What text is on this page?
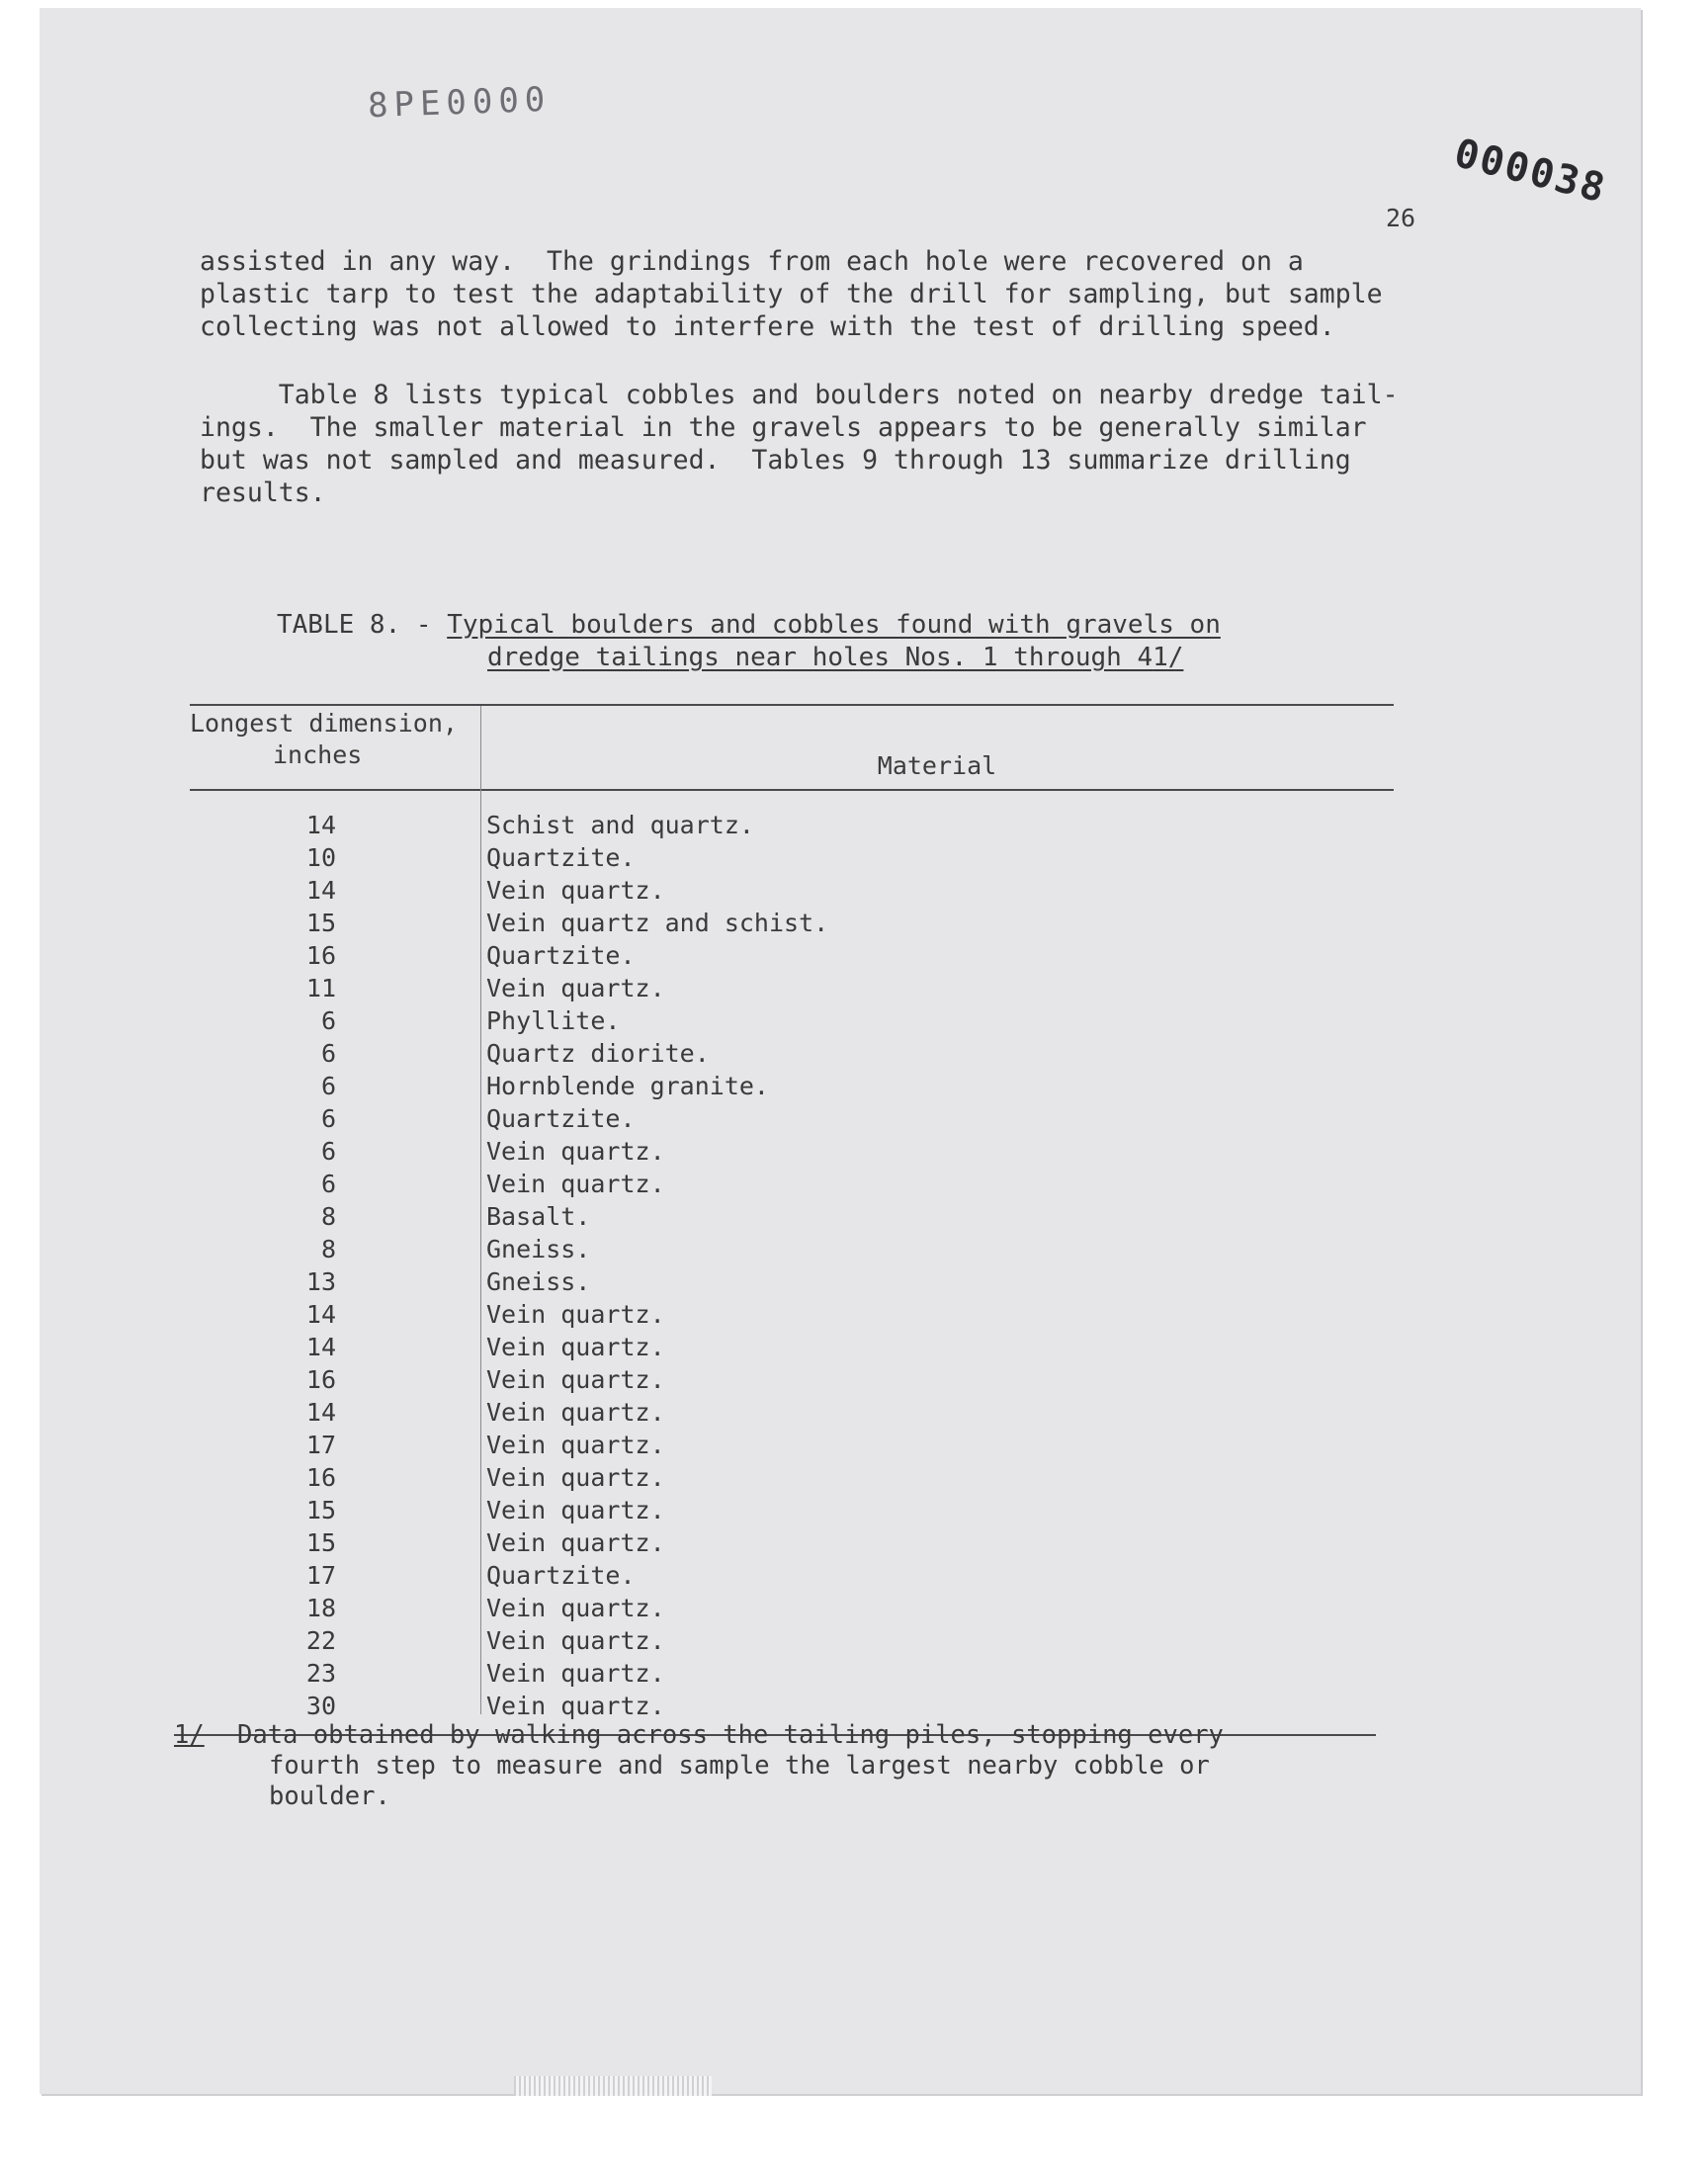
8PE0000
000038
26

assisted in any way.  The grindings from each hole were recovered on a
plastic tarp to test the adaptability of the drill for sampling, but sample
collecting was not allowed to interfere with the test of drilling speed.

Table 8 lists typical cobbles and boulders noted on nearby dredge tail-
ings.  The smaller material in the gravels appears to be generally similar
but was not sampled and measured.  Tables 9 through 13 summarize drilling
results.

TABLE 8. - Typical boulders and cobbles found with gravels on
dredge tailings near holes Nos. 1 through 41/
Longest dimension,
inches	Material
14	Schist and quartz.
10	Quartzite.
14	Vein quartz.
15	Vein quartz and schist.
16	Quartzite.
11	Vein quartz.
6	Phyllite.
6	Quartz diorite.
6	Hornblende granite.
6	Quartzite.
6	Vein quartz.
6	Vein quartz.
8	Basalt.
8	Gneiss.
13	Gneiss.
14	Vein quartz.
14	Vein quartz.
16	Vein quartz.
14	Vein quartz.
17	Vein quartz.
16	Vein quartz.
15	Vein quartz.
15	Vein quartz.
17	Quartzite.
18	Vein quartz.
22	Vein quartz.
23	Vein quartz.
30	Vein quartz.
1/ Data obtained by walking across the tailing piles, stopping every
fourth step to measure and sample the largest nearby cobble or
boulder.
